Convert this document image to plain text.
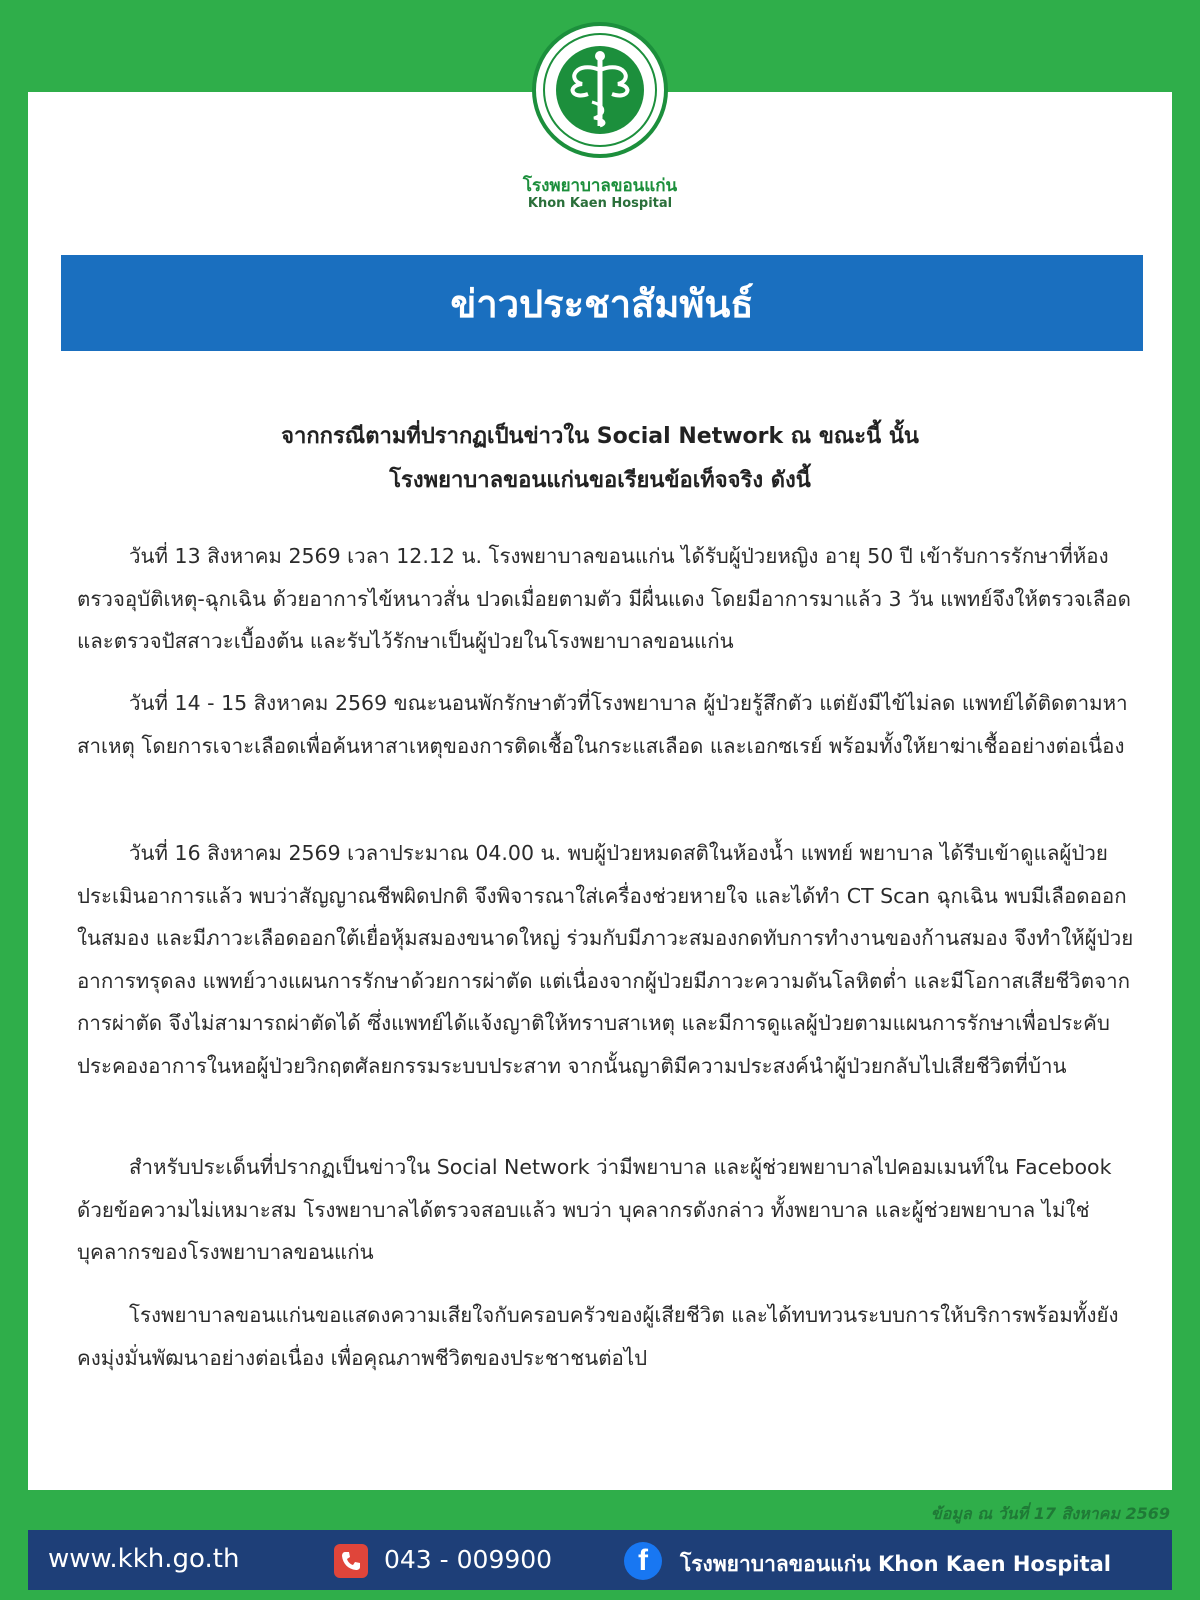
โรงพยาบาลขอนแก่น
Khon Kaen Hospital
ข่าวประชาสัมพันธ์
จากกรณีตามที่ปรากฏเป็นข่าวใน Social Network ณ ขณะนี้ นั้น
โรงพยาบาลขอนแก่นขอเรียนข้อเท็จจริง ดังนี้

วันที่ 13 สิงหาคม 2569 เวลา 12.12 น. โรงพยาบาลขอนแก่น ได้รับผู้ป่วยหญิง อายุ 50 ปี เข้ารับการรักษาที่ห้องตรวจอุบัติเหตุ-ฉุกเฉิน ด้วยอาการไข้หนาวสั่น ปวดเมื่อยตามตัว มีผื่นแดง โดยมีอาการมาแล้ว 3 วัน แพทย์จึงให้ตรวจเลือดและตรวจปัสสาวะเบื้องต้น และรับไว้รักษาเป็นผู้ป่วยในโรงพยาบาลขอนแก่น

วันที่ 14 - 15 สิงหาคม 2569 ขณะนอนพักรักษาตัวที่โรงพยาบาล ผู้ป่วยรู้สึกตัว แต่ยังมีไข้ไม่ลด แพทย์ได้ติดตามหาสาเหตุ โดยการเจาะเลือดเพื่อค้นหาสาเหตุของการติดเชื้อในกระแสเลือด และเอกซเรย์ พร้อมทั้งให้ยาฆ่าเชื้ออย่างต่อเนื่อง

วันที่ 16 สิงหาคม 2569 เวลาประมาณ 04.00 น. พบผู้ป่วยหมดสติในห้องน้ำ แพทย์ พยาบาล ได้รีบเข้าดูแลผู้ป่วย ประเมินอาการแล้ว พบว่าสัญญาณชีพผิดปกติ จึงพิจารณาใส่เครื่องช่วยหายใจ และได้ทำ CT Scan ฉุกเฉิน พบมีเลือดออกในสมอง และมีภาวะเลือดออกใต้เยื่อหุ้มสมองขนาดใหญ่ ร่วมกับมีภาวะสมองกดทับการทำงานของก้านสมอง จึงทำให้ผู้ป่วยอาการทรุดลง แพทย์วางแผนการรักษาด้วยการผ่าตัด แต่เนื่องจากผู้ป่วยมีภาวะความดันโลหิตต่ำ และมีโอกาสเสียชีวิตจากการผ่าตัด จึงไม่สามารถผ่าตัดได้ ซึ่งแพทย์ได้แจ้งญาติให้ทราบสาเหตุ และมีการดูแลผู้ป่วยตามแผนการรักษาเพื่อประคับประคองอาการในหอผู้ป่วยวิกฤตศัลยกรรมระบบประสาท จากนั้นญาติมีความประสงค์นำผู้ป่วยกลับไปเสียชีวิตที่บ้าน

สำหรับประเด็นที่ปรากฏเป็นข่าวใน Social Network ว่ามีพยาบาล และผู้ช่วยพยาบาลไปคอมเมนท์ใน Facebook ด้วยข้อความไม่เหมาะสม โรงพยาบาลได้ตรวจสอบแล้ว พบว่า บุคลากรดังกล่าว ทั้งพยาบาล และผู้ช่วยพยาบาล ไม่ใช่บุคลากรของโรงพยาบาลขอนแก่น

โรงพยาบาลขอนแก่นขอแสดงความเสียใจกับครอบครัวของผู้เสียชีวิต และได้ทบทวนระบบการให้บริการพร้อมทั้งยังคงมุ่งมั่นพัฒนาอย่างต่อเนื่อง เพื่อคุณภาพชีวิตของประชาชนต่อไป

ข้อมูล ณ วันที่ 17 สิงหาคม 2569
www.kkh.go.th	043 - 009900	f	โรงพยาบาลขอนแก่น Khon Kaen Hospital
